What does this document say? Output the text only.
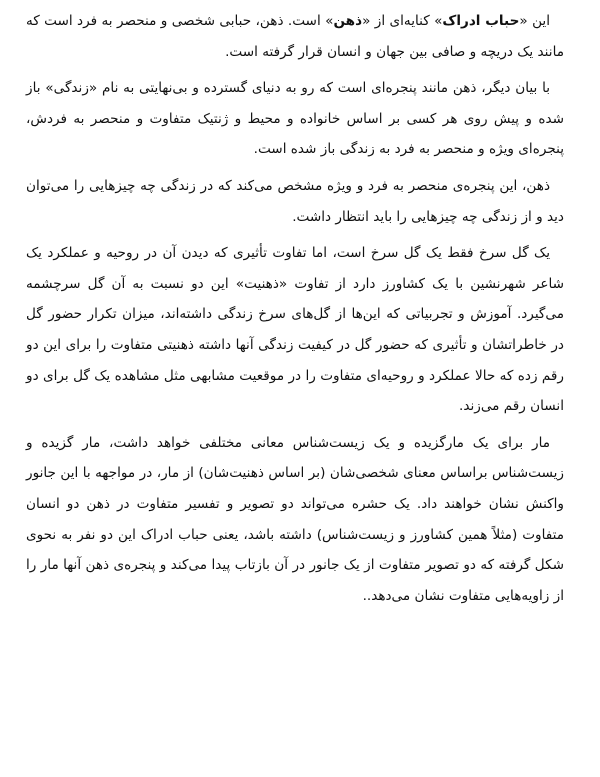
این «حباب ادراک» کنایه‌ای از «ذهن» است. ذهن، حبابی شخصی و منحصر به فرد است که مانند یک دریچه و صافی بین جهان و انسان قرار گرفته است.

با بیان دیگر، ذهن مانند پنجره‌ای است که رو به دنیای گسترده و بی‌نهایتی به نام «زندگی» باز شده و پیش روی هر کسی بر اساس خانواده و محیط و ژنتیک متفاوت و منحصر به فردش، پنجره‌ای ویژه و منحصر به فرد به زندگی باز شده است.

ذهن، این پنجره‌ی منحصر به فرد و ویژه مشخص می‌کند که در زندگی چه چیزهایی را می‌توان دید و از زندگی چه چیزهایی را باید انتظار داشت.

یک گل سرخ فقط یک گل سرخ است، اما تفاوت تأثیری که دیدن آن در روحیه و عملکرد یک شاعر شهرنشین با یک کشاورز دارد از تفاوت «ذهنیت» این دو نسبت به آن گل سرچشمه می‌گیرد. آموزش و تجربیاتی که این‌ها از گل‌های سرخ زندگی داشته‌اند، میزان تکرار حضور گل در خاطراتشان و تأثیری که حضور گل در کیفیت زندگی آنها داشته ذهنیتی متفاوت را برای این دو رقم زده که حالا عملکرد و روحیه‌ای متفاوت را در موقعیت مشابهی مثل مشاهده یک گل برای دو انسان رقم می‌زند.

مار برای یک مارگزیده و یک زیست‌شناس معانی مختلفی خواهد داشت، مار گزیده و زیست‌شناس براساس معنای شخصی‌شان (بر اساس ذهنیت‌شان) از مار، در مواجهه با این جانور واکنش نشان خواهند داد. یک حشره می‌تواند دو تصویر و تفسیر متفاوت در ذهن دو انسان متفاوت (مثلاً همین کشاورز و زیست‌شناس) داشته باشد، یعنی حباب ادراک این دو نفر به نحوی شکل گرفته که دو تصویر متفاوت از یک جانور در آن بازتاب پیدا می‌کند و پنجره‌ی ذهن آنها مار را از زاویه‌هایی متفاوت نشان می‌دهد..
